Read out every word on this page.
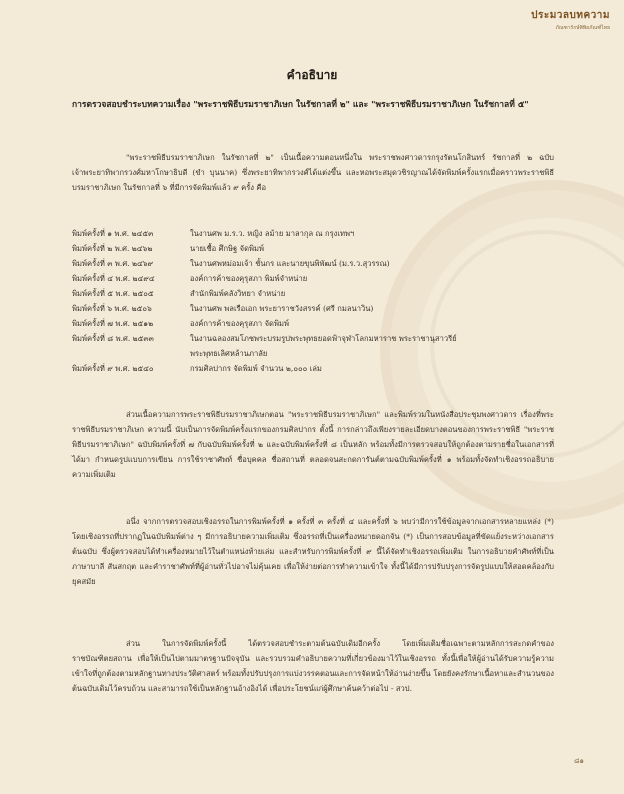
ประมวลบทความ
ภัณฑารักษ์พิพิธภัณฑ์ไทย
คำอธิบาย
การตรวจสอบชำระบทความเรื่อง "พระราชพิธีบรมราชาภิเษก ในรัชกาลที่ ๒" และ "พระราชพิธีบรมราชาภิเษก ในรัชกาลที่ ๕"
"พระราชพิธีบรมราชาภิเษก ในรัชกาลที่ ๒" เป็นเนื้อความตอนหนึ่งใน พระราชพงศาวดารกรุงรัตนโกสินทร์ รัชกาลที่ ๒ ฉบับเจ้าพระยาทิพากรวงศ์มหาโกษาธิบดี (ขำ บุนนาค) ซึ่งพระยาทิพากรวงศ์ได้แต่งขึ้น และหอพระสมุดวชิรญาณได้จัดพิมพ์ครั้งแรกเมื่อคราวพระราชพิธีบรมราชาภิเษก ในรัชกาลที่ ๖ ที่มีการจัดพิมพ์แล้ว ๙ ครั้ง คือ
พิมพ์ครั้งที่ ๑ พ.ศ. ๒๔๕๓	ในงานศพ ม.ร.ว. หญิง ลม้าย มาลากุล ณ กรุงเทพฯ
พิมพ์ครั้งที่ ๒ พ.ศ. ๒๔๖๒	นายเชื้อ ศึกษิฐ จัดพิมพ์
พิมพ์ครั้งที่ ๓ พ.ศ. ๒๔๖๙	ในงานศพหม่อมเจ้า ชั้นกร และนายขุนพิพัฒน์ (ม.ร.ว.สุวรรณ)
พิมพ์ครั้งที่ ๔ พ.ศ. ๒๔๙๔	องค์การค้าของคุรุสภา พิมพ์จำหน่าย
พิมพ์ครั้งที่ ๕ พ.ศ. ๒๕๐๕	สำนักพิมพ์คลังวิทยา จำหน่าย
พิมพ์ครั้งที่ ๖ พ.ศ. ๒๕๐๖	ในงานศพ พลเรือเอก พระยาราชวังสรรค์ (ศรี กมลนาวิน)
พิมพ์ครั้งที่ ๗ พ.ศ. ๒๕๑๒	องค์การค้าของคุรุสภา จัดพิมพ์
พิมพ์ครั้งที่ ๘ พ.ศ. ๒๕๓๓	ในงานฉลองสมโภชพระบรมรูปพระพุทธยอดฟ้าจุฬาโลกมหาราช พระราชานุสาวรีย์
พระพุทธเลิศหล้านภาลัย
พิมพ์ครั้งที่ ๙ พ.ศ. ๒๕๔๐	กรมศิลปากร จัดพิมพ์ จำนวน ๒,๐๐๐ เล่ม
ส่วนเนื้อความการพระราชพิธีบรมราชาภิเษกตอน "พระราชพิธีบรมราชาภิเษก" และพิมพ์รวมในหนังสือประชุมพงศาวดาร เรื่องที่พระราชพิธีบรมราชาภิเษก ความนี้ นับเป็นการจัดพิมพ์ครั้งแรกของกรมศิลปากร ตั้งนี้ การกล่าวถึงเพียงรายละเอียดบางตอนของการพระราชพิธี "พระราชพิธีบรมราชาภิเษก" ฉบับพิมพ์ครั้งที่ ๗ กับฉบับพิมพ์ครั้งที่ ๒ และฉบับพิมพ์ครั้งที่ ๘ เป็นหลัก พร้อมทั้งมีการตรวจสอบให้ถูกต้องตามรายชื่อในเอกสารที่ได้มา กำหนดรูปแบบการเขียน การใช้ราชาศัพท์ ชื่อบุคคล ชื่อสถานที่ ตลอดจนสะกดการันต์ตามฉบับพิมพ์ครั้งที่ ๑ พร้อมทั้งจัดทำเชิงอรรถอธิบายความเพิ่มเติม
อนึ่ง จากการตรวจสอบเชิงอรรถในการพิมพ์ครั้งที่ ๑ ครั้งที่ ๓ ครั้งที่ ๔ และครั้งที่ ๖ พบว่ามีการใช้ข้อมูลจากเอกสารหลายแหล่ง (*) โดยเชิงอรรถที่ปรากฏในฉบับพิมพ์ต่าง ๆ มีการอธิบายความเพิ่มเติม ซึ่งอรรถที่เป็นเครื่องหมายดอกจัน (*) เป็นการสอบข้อมูลที่ขัดแย้งระหว่างเอกสารต้นฉบับ ซึ่งผู้ตรวจสอบได้ทำเครื่องหมายไว้ในตำแหน่งท้ายเล่ม และสำหรับการพิมพ์ครั้งที่ ๙ นี้ได้จัดทำเชิงอรรถเพิ่มเติม ในการอธิบายคำศัพท์ที่เป็นภาษาบาลี สันสกฤต และคำราชาศัพท์ที่ผู้อ่านทั่วไปอาจไม่คุ้นเคย เพื่อให้ง่ายต่อการทำความเข้าใจ ทั้งนี้ได้มีการปรับปรุงการจัดรูปแบบให้สอดคล้องกับยุคสมัย
ส่วน ในการจัดพิมพ์ครั้งนี้ ได้ตรวจสอบชำระตามต้นฉบับเดิมอีกครั้ง โดยเพิ่มเติมชื่อเฉพาะตามหลักการสะกดคำของราชบัณฑิตยสถาน เพื่อให้เป็นไปตามมาตรฐานปัจจุบัน และรวบรวมคำอธิบายความที่เกี่ยวข้องมาไว้ในเชิงอรรถ ทั้งนี้เพื่อให้ผู้อ่านได้รับความรู้ความเข้าใจที่ถูกต้องตามหลักฐานทางประวัติศาสตร์ พร้อมทั้งปรับปรุงการแบ่งวรรคตอนและการจัดหน้าให้อ่านง่ายขึ้น โดยยังคงรักษาเนื้อหาและสำนวนของต้นฉบับเดิมไว้ครบถ้วน และสามารถใช้เป็นหลักฐานอ้างอิงได้ เพื่อประโยชน์แก่ผู้ศึกษาค้นคว้าต่อไป - สวป.
๘๑
